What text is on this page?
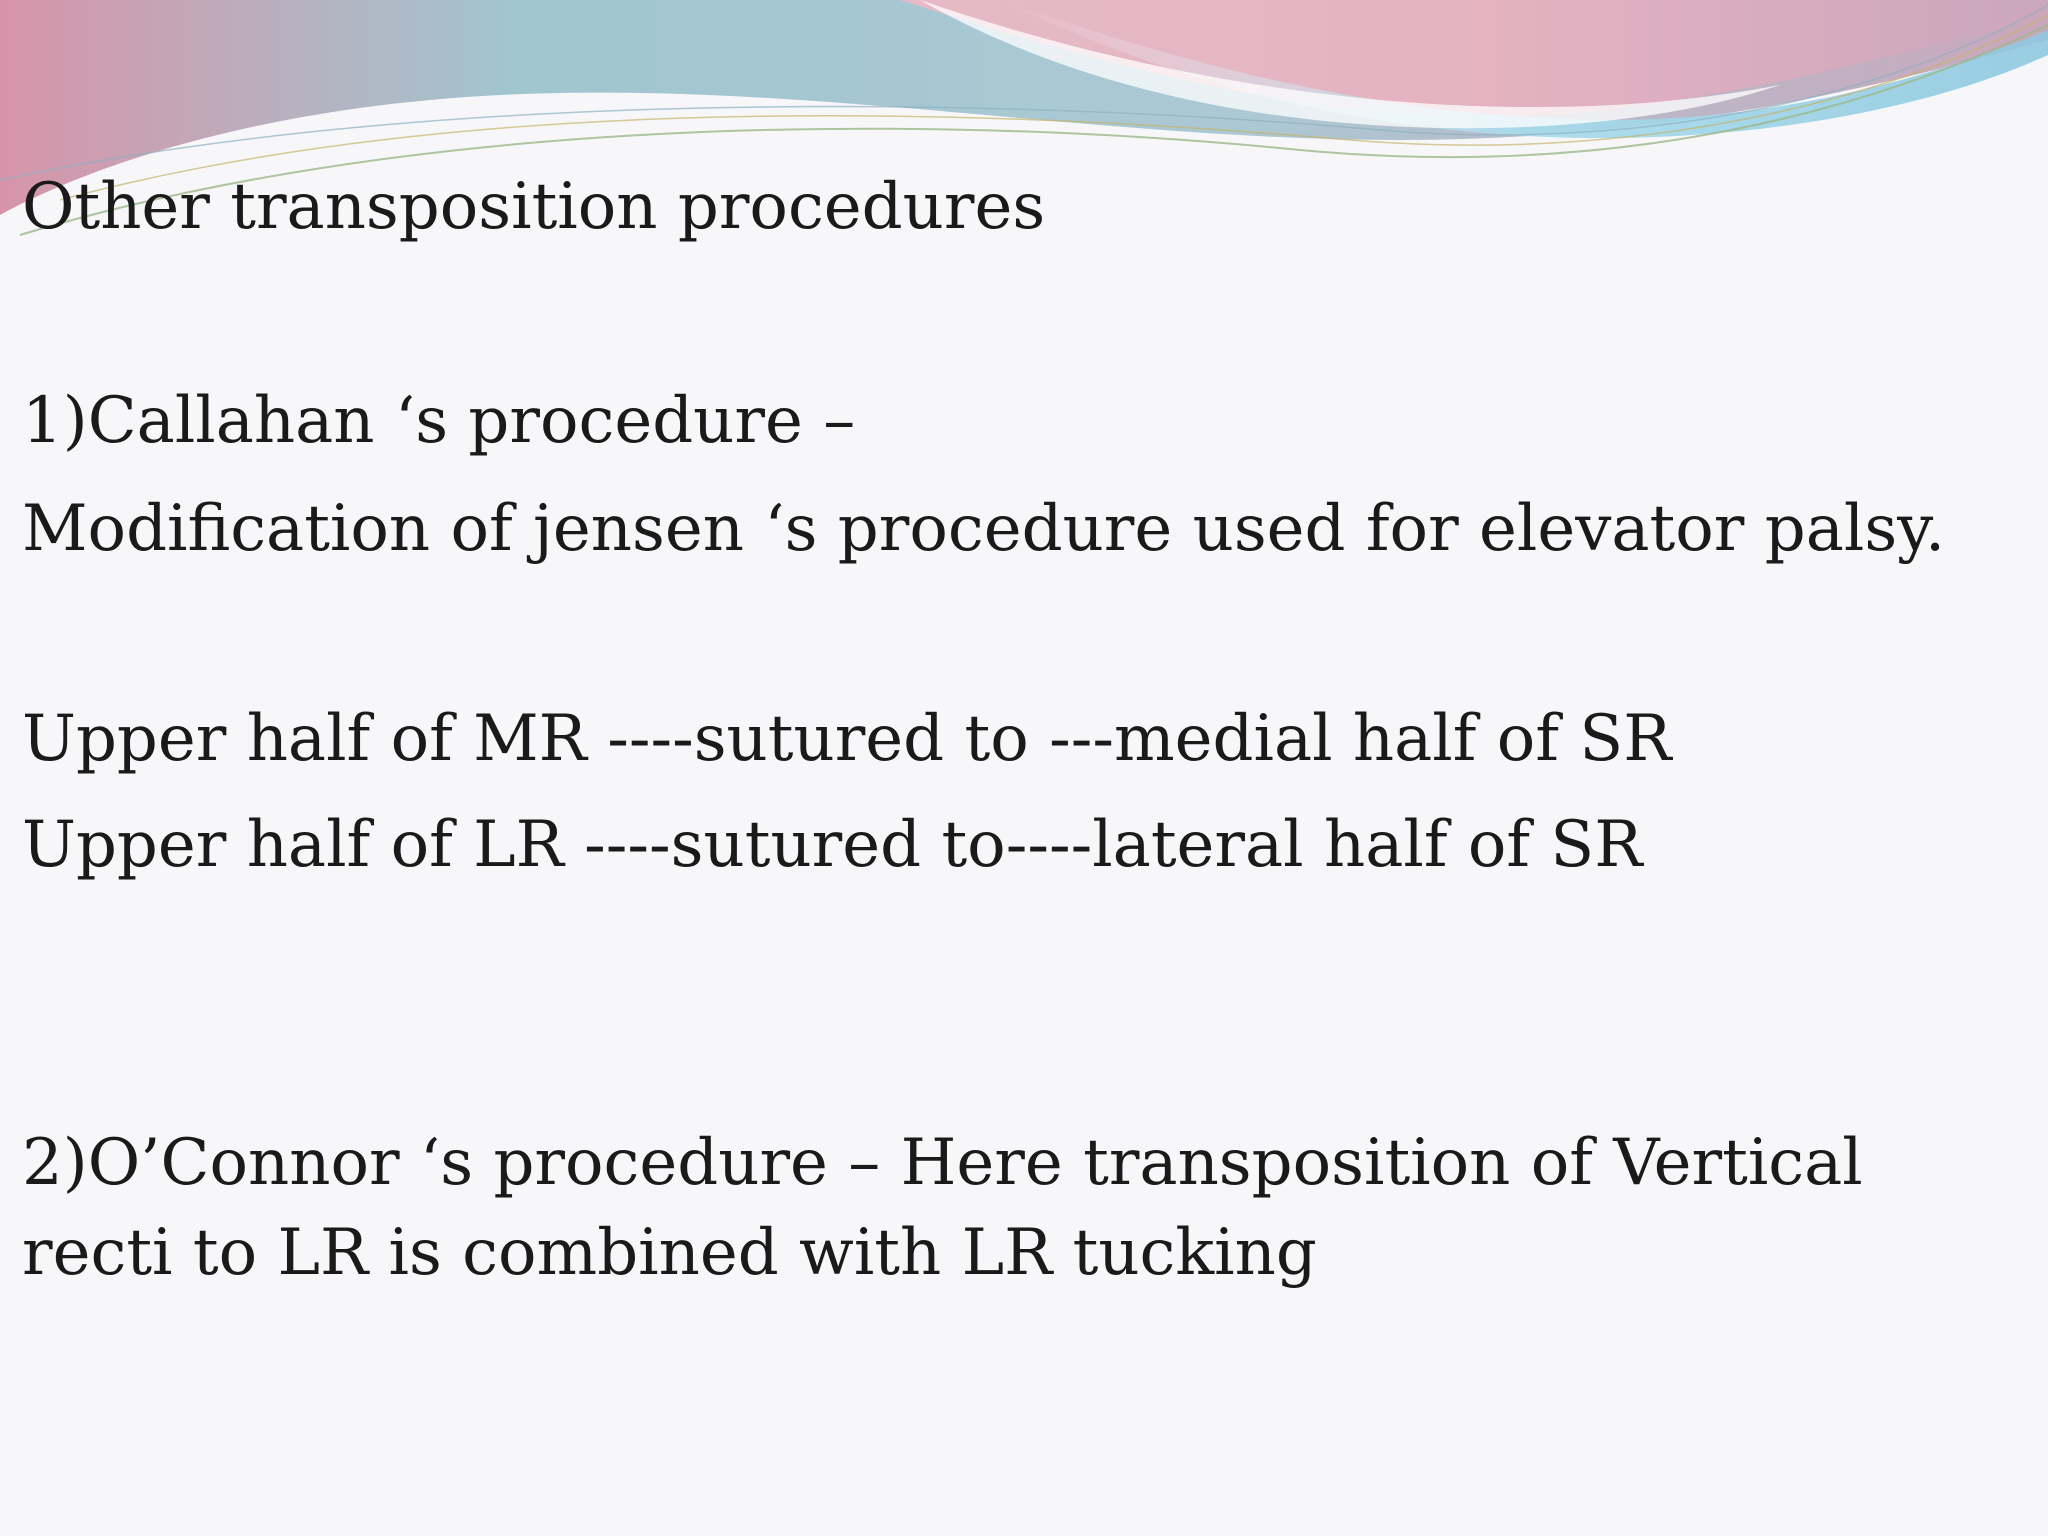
Other transposition procedures
1)Callahan ‘s procedure –
Modification of jensen ‘s procedure used for elevator palsy.
Upper half of MR ----sutured to ---medial half of SR
Upper half of LR ----sutured to----lateral half of SR
2)O’Connor ‘s procedure – Here transposition of Vertical
recti to LR is combined with LR tucking
